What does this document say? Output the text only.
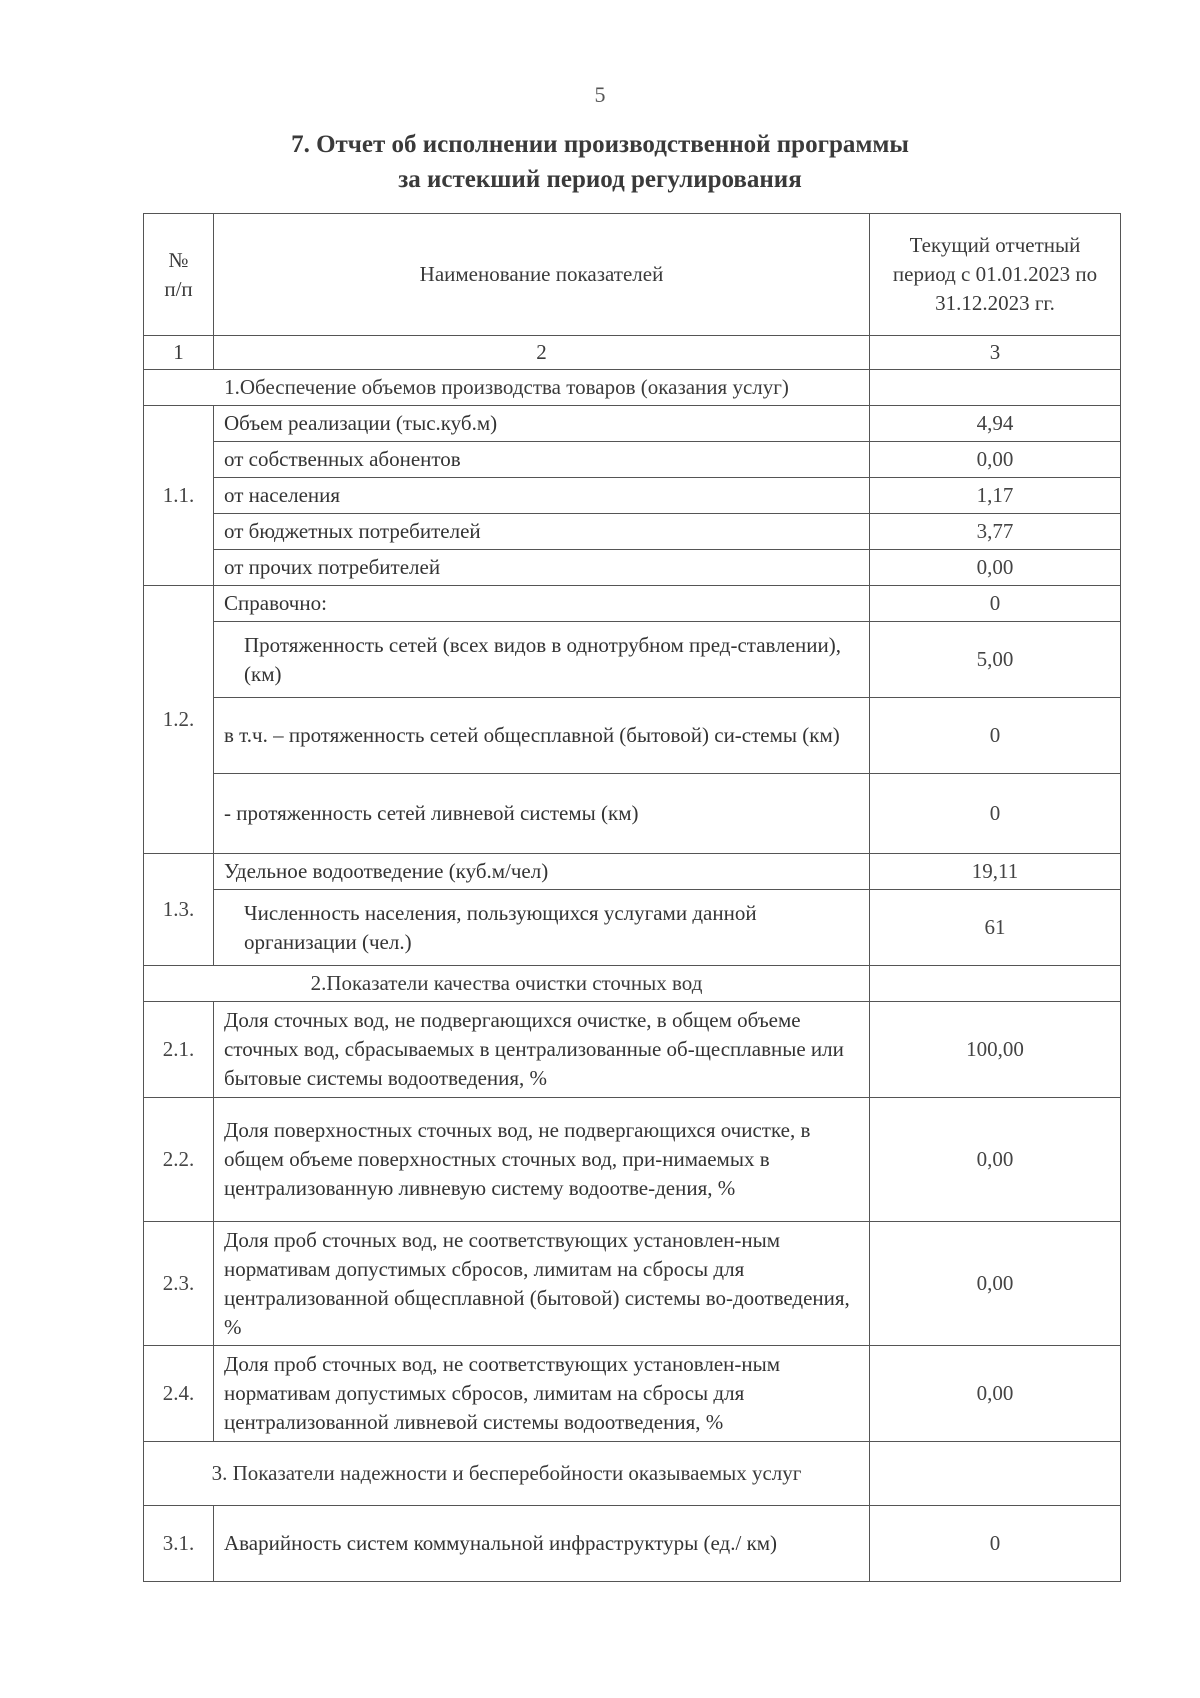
5
7. Отчет об исполнении производственной программы
за истекший период регулирования
№ п/п	Наименование показателей	Текущий отчетный период с 01.01.2023 по 31.12.2023 гг.
1	2	3
1.Обеспечение объемов производства товаров (оказания услуг)		
1.1.	Объем реализации (тыс.куб.м)	4,94
	от собственных абонентов	0,00
	от населения	1,17
	от бюджетных потребителей	3,77
	от прочих потребителей	0,00
1.2.	Справочно:	0
	Протяженность сетей (всех видов в однотрубном пред-ставлении), (км)	5,00
	в т.ч. – протяженность сетей общесплавной (бытовой) си-стемы (км)	0
	- протяженность сетей ливневой системы (км)	0
1.3.	Удельное водоотведение (куб.м/чел)	19,11
	Численность населения, пользующихся услугами данной организации (чел.)	61
2.Показатели качества очистки сточных вод		
2.1.	Доля сточных вод, не подвергающихся очистке, в общем объеме сточных вод, сбрасываемых в централизованные об-щесплавные или бытовые системы водоотведения, %	100,00
2.2.	Доля поверхностных сточных вод, не подвергающихся очистке, в общем объеме поверхностных сточных вод, при-нимаемых в централизованную ливневую систему водоотве-дения, %	0,00
2.3.	Доля проб сточных вод, не соответствующих установлен-ным нормативам допустимых сбросов, лимитам на сбросы для централизованной общесплавной (бытовой) системы во-доотведения, %	0,00
2.4.	Доля проб сточных вод, не соответствующих установлен-ным нормативам допустимых сбросов, лимитам на сбросы для централизованной ливневой системы водоотведения, %	0,00
3. Показатели надежности и бесперебойности оказываемых услуг		
3.1.	Аварийность систем коммунальной инфраструктуры (ед./ км)	0
